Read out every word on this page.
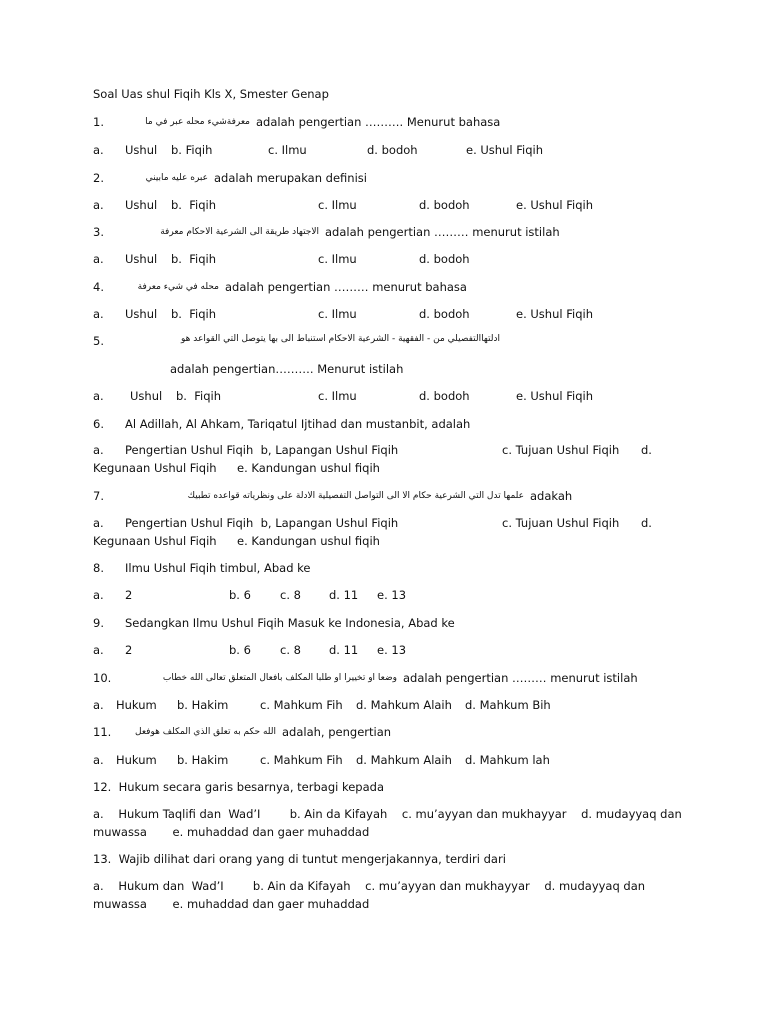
Soal Uas shul Fiqih Kls X, Smester Genap
1.	معرفةشيء محله عبر في ما adalah pengertian ………. Menurut bahasa
a. Ushul b. Fiqih	c. Ilmu	d. bodoh	e. Ushul Fiqih
2.	عبره عليه مابيني adalah merupakan definisi
a. Ushul b.  Fiqih	c. Ilmu	d. bodoh	e. Ushul Fiqih
3.	الاجتهاد طريقة الى الشرعية الاحكام معرفة adalah pengertian ……… menurut istilah
a. Ushul b.  Fiqih	c. Ilmu	d. bodoh
4.	محله في شيء معرفة adalah pengertian ……… menurut bahasa
a. Ushul b.  Fiqih	c. Ilmu	d. bodoh	e. Ushul Fiqih
5.	ادلتهاالتفصيلي من - الفقهية - الشرعية الاحكام استنباط الى بها يتوصل التي القواعد هو
adalah pengertian………. Menurut istilah
a. Ushul b.  Fiqih	c. Ilmu	d. bodoh	e. Ushul Fiqih
6. Al Adillah, Al Ahkam, Tariqatul Ijtihad dan mustanbit, adalah
a. Pengertian Ushul Fiqih  b, Lapangan Ushul Fiqih	c. Tujuan Ushul Fiqih d.
Kegunaan Ushul Fiqih e. Kandungan ushul fiqih
7.	علمها تدل التي الشرعية حكام الا الى التواصل التفصيلية الادلة على ونظرياته قواعده تطبيك adakah
a. Pengertian Ushul Fiqih  b, Lapangan Ushul Fiqih	c. Tujuan Ushul Fiqih d.
Kegunaan Ushul Fiqih e. Kandungan ushul fiqih
8. Ilmu Ushul Fiqih timbul, Abad ke
a. 2	b. 6	c. 8 d. 11 e. 13
9. Sedangkan Ilmu Ushul Fiqih Masuk ke Indonesia, Abad ke
a. 2	b. 6	c. 8 d. 11 e. 13
10.	وضعا او تخييرا او طلبا المكلف بافعال المتعلق تعالى الله خطاب adalah pengertian ……… menurut istilah
a. Hukum b. Hakim	c. Mahkum Fih d. Mahkum Alaih d. Mahkum Bih
11.	الله حكم به تعلق الذي المكلف هوفعل adalah, pengertian
a. Hukum b. Hakim	c. Mahkum Fih d. Mahkum Alaih d. Mahkum lah
12.  Hukum secara garis besarnya, terbagi kepada
a.    Hukum Taqlifi dan  Wad’I        b. Ain da Kifayah    c. mu’ayyan dan mukhayyar    d. mudayyaq dan
muwassa       e. muhaddad dan gaer muhaddad
13.  Wajib dilihat dari orang yang di tuntut mengerjakannya, terdiri dari
a.    Hukum dan  Wad’I        b. Ain da Kifayah    c. mu’ayyan dan mukhayyar    d. mudayyaq dan
muwassa       e. muhaddad dan gaer muhaddad
